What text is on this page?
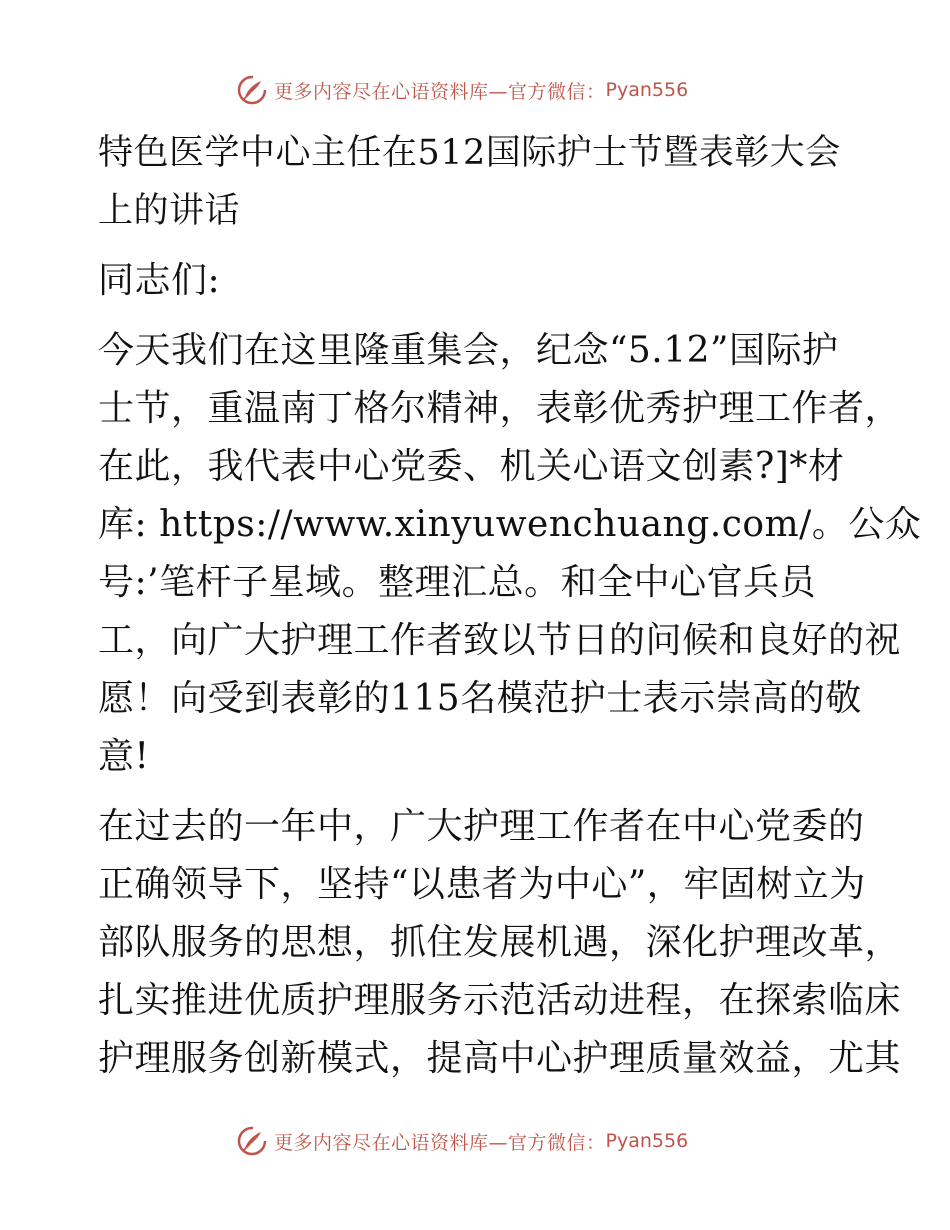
更多内容尽在心语资料库—官方微信： Pyan556
特色医学中心主任在512国际护士节暨表彰大会
上的讲话
同志们:
今天我们在这里隆重集会，纪念“5.12”国际护
士节，重温南丁格尔精神，表彰优秀护理工作者，
在此，我代表中心党委、机关心语文创素?]*材
库: https://www.xinyuwenchuang.com/。公众
号:’笔杆子星域。整理汇总。和全中心官兵员
工，向广大护理工作者致以节日的问候和良好的祝
愿！向受到表彰的115名模范护士表示崇高的敬
意!
在过去的一年中，广大护理工作者在中心党委的
正确领导下，坚持“以患者为中心”，牢固树立为
部队服务的思想，抓住发展机遇，深化护理改革，
扎实推进优质护理服务示范活动进程，在探索临床
护理服务创新模式，提高中心护理质量效益，尤其
更多内容尽在心语资料库—官方微信： Pyan556
